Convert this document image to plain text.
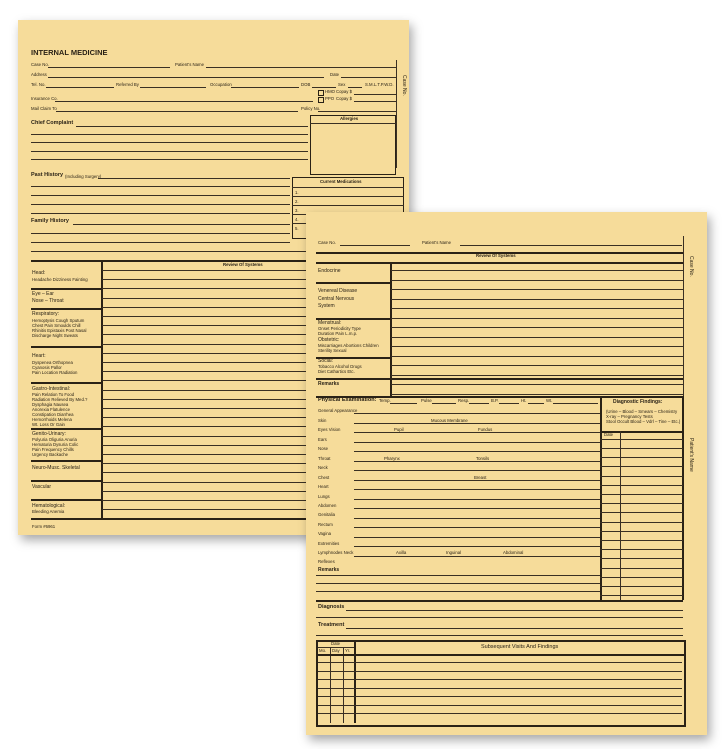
INTERNAL MEDICINE
Case No.	Patient's Name
Address	Date
Tel. No.	Referred By	Occupation	DOB	Sex	S.M.L.T.P.W.D.
HMO Copay $
PPO Copay $
Insurance Co.
Mail Claim To	Policy No.
Case No.
Chief Complaint
Allergies
Past History (Including Surgery)
Current Medications
1.
2.
3.
4.
5.
Family History
Review Of Systems
Head:
Headache Dizziness Fainting
Eye – Ear
Nose – Throat
Respiratory:
Hemoptysis Cough Sputum
Chest Pain Smoulds Chill
Rhinitis Epistaxis Post Nasal
Discharge Night Sweats
Heart:
Dyspenea Orthopnea
Cyanosis Pallor
Pain Location Radiation
Gastro-Intestinal:
Pain Relation To Food
Radiation Relieved By Med.?
Dysphagia Nausea
Anorexia Flatulence
Constipation Diarrhea
Hemorrhoids Melena
Wt. Loss Or Gain
Genito-Urinary:
Polyuria Oliguria Anuria
Hematuria Dysuria Colic
Pain Frequency Chills
Urgency Backache
Neuro-Musc. Skeletal
Vascular
Hematological:
Bleeding Anemia
Form #6961
Case No.	Patient's Name
Case No.
Patient's Name
Review Of Systems
Endocrine
Venereal Disease
Central Nervous
System
Menstrual:
Onset Periodicity Type
Duration Pain L.m.p.
Obstetric:
Miscarriages Abortions Children
Sterility Sexual
Social:
Tobacco Alcohol Drugs
Diet Cathartics Etc.
Remarks
Physical Examination: Temp.	Pulse	Resp.	B.P.	Ht.	Wt.
General Appearance
Skin	Mucous Membrane
Eyes Vision	Pupil	Fundus
Ears
Nose
Throat	Pharynx	Tonsils
Neck
Chest	Breast
Heart
Lungs
Abdomen
Genitalia
Rectum
Vagina
Extremities
Lymphnodes Neck	Axilla	Inguinal	Abdominal
Reflexes
Remarks
Diagnostic Findings:
(Urine – Blood – Smears – Chemistry
X-ray – Pregnancy Tests
Stool Occult Blood – Vdrl – Tine – Etc.)
Date
Diagnosis
Treatment
Date
Mo. Day Yr.
Subsequent Visits And Findings
